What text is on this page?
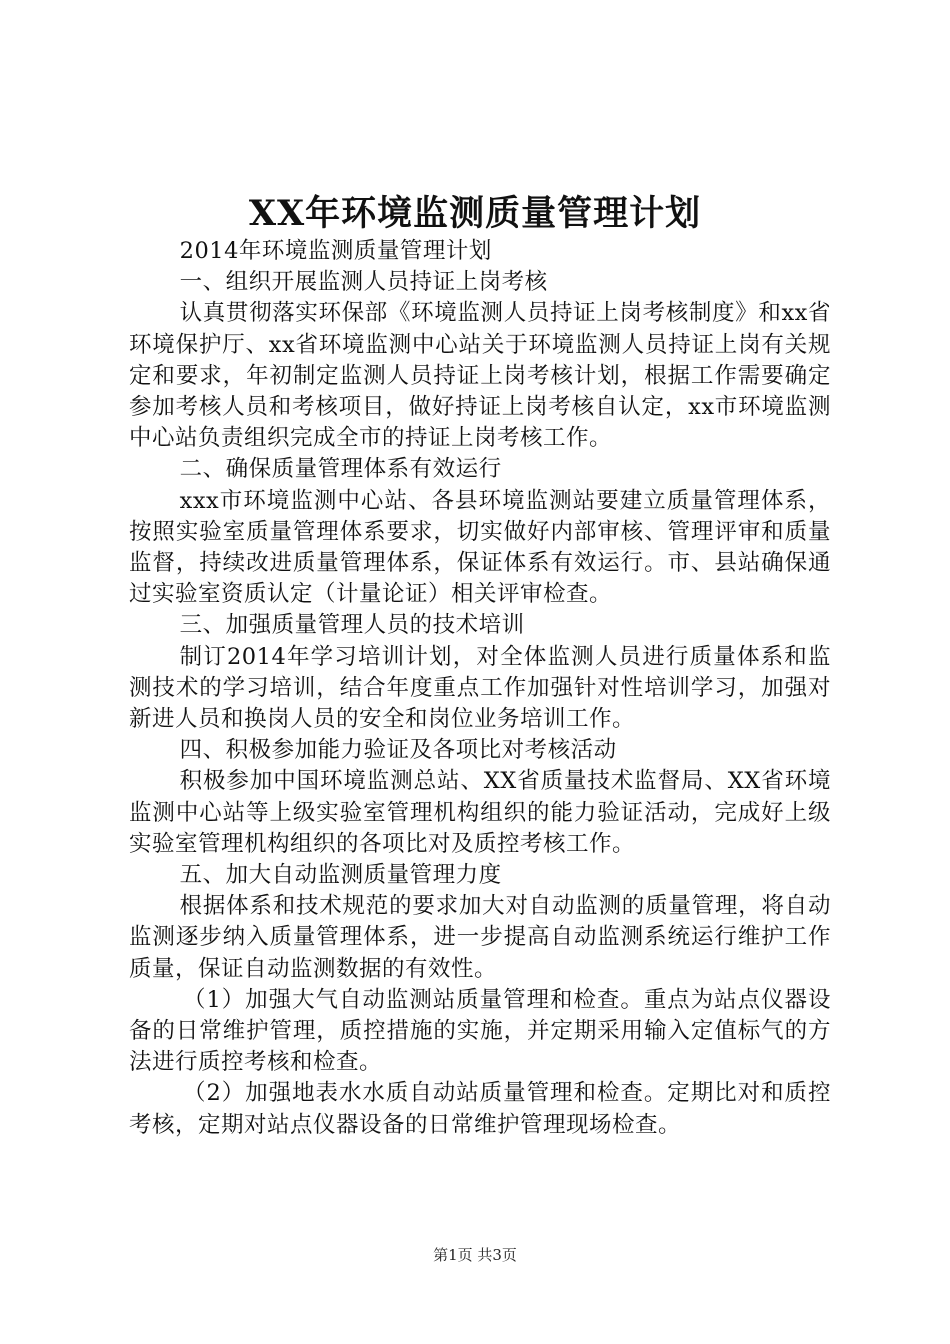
XX年环境监测质量管理计划

2014年环境监测质量管理计划

一、组织开展监测人员持证上岗考核

认真贯彻落实环保部《环境监测人员持证上岗考核制度》和xx省环境保护厅、xx省环境监测中心站关于环境监测人员持证上岗有关规定和要求，年初制定监测人员持证上岗考核计划，根据工作需要确定参加考核人员和考核项目，做好持证上岗考核自认定，xx市环境监测中心站负责组织完成全市的持证上岗考核工作。

二、确保质量管理体系有效运行

xxx市环境监测中心站、各县环境监测站要建立质量管理体系，按照实验室质量管理体系要求，切实做好内部审核、管理评审和质量监督，持续改进质量管理体系，保证体系有效运行。市、县站确保通过实验室资质认定（计量论证）相关评审检查。

三、加强质量管理人员的技术培训

制订2014年学习培训计划，对全体监测人员进行质量体系和监测技术的学习培训，结合年度重点工作加强针对性培训学习，加强对新进人员和换岗人员的安全和岗位业务培训工作。

四、积极参加能力验证及各项比对考核活动

积极参加中国环境监测总站、XX省质量技术监督局、XX省环境监测中心站等上级实验室管理机构组织的能力验证活动，完成好上级实验室管理机构组织的各项比对及质控考核工作。

五、加大自动监测质量管理力度

根据体系和技术规范的要求加大对自动监测的质量管理，将自动监测逐步纳入质量管理体系，进一步提高自动监测系统运行维护工作质量，保证自动监测数据的有效性。

（1）加强大气自动监测站质量管理和检查。重点为站点仪器设备的日常维护管理，质控措施的实施，并定期采用输入定值标气的方法进行质控考核和检查。

（2）加强地表水水质自动站质量管理和检查。定期比对和质控考核，定期对站点仪器设备的日常维护管理现场检查。

第1页 共3页
